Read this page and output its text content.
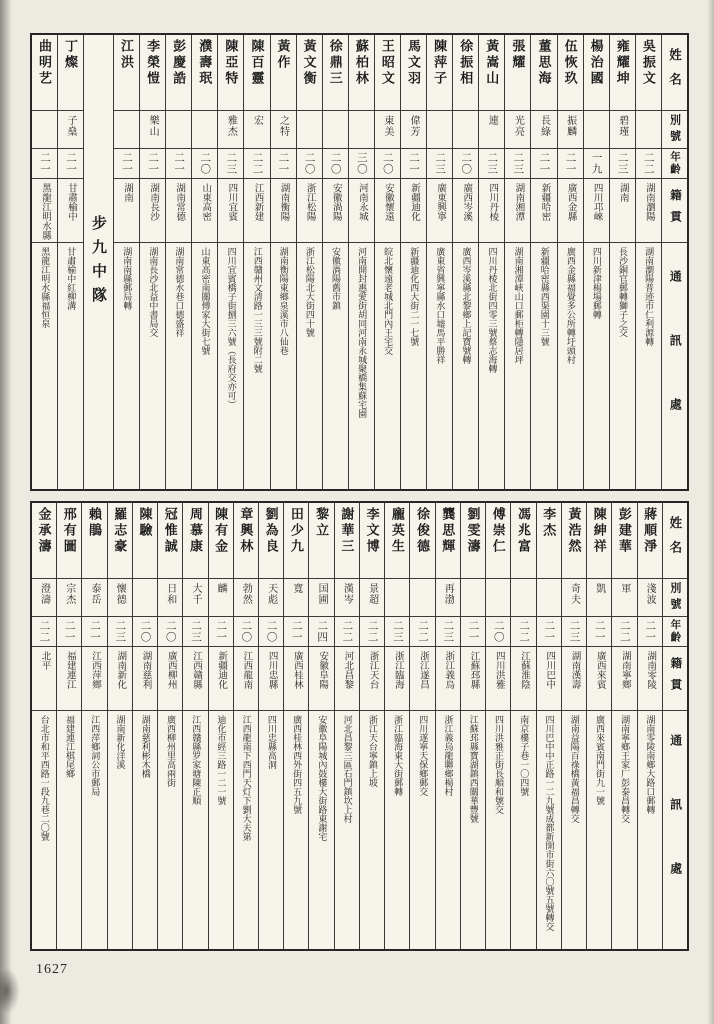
姓名
別號
年齡
籍貫
通訊處
吳振文
二二
湖南瀏陽
湖南瀏陽普迹市仁利源轉
雍耀坤
碧瑾
二三
湖南
長沙銅官郵轉獅子之交
楊治國
一九
四川邛崍
四川新津楊場郵轉
伍恢玖
振麟
二一
廣西金縣
廣西金縣福覺多公所轉圩頭村
董思海
長綠
二一
新疆哈密
新疆哈密縣西渠園十三號
張耀
光亮
二三
湖南湘潭
湖南湘潭峽山口郵柜轉隱居坪
黃嵩山
連
二三
四川丹棱
四川丹棱北街四零三號蔡志海轉
徐振相
二〇
廣西岑溪
廣西岑溪縣北黎鄉上記寶號轉
陳萍子
二三
廣東興寧
廣東省興寧縣水口墟馬平勝祥
馬文羽
偉芳
二一
新疆迪化
新疆迪化西大街二一七號
王昭文
東美
二〇
安徽懷遠
皖北懷遠老城北門內王宅交
蘇柏林
三〇
河南永城
河南開封惠愛街胡同河南永城聚橋集蘇宅園
徐鼎三
二〇
安徽渦陽
安徽渦陽舊市鎮
黃文衡
二〇
浙江松陽
浙江松陽北大街四十號
黃作
之特
二一
湖南衡陽
湖南衡陽東鄉泉溪市八仙巷
陳百靈
宏
二二
江西新建
江西贛州文清路一三三號附二號
陳亞特
雅杰
二三
四川宜賓
四川宜賓橋子街捌三六號（長府交亦可）
濮壽珉
二〇
山東高密
山東高密南關傅家大街七號
彭慶誥
二一
湖南常德
湖南常德水巷口德盛祥
李榮愷
樂山
二一
湖南長沙
湖南長沙北益中書局交
江洪
二一
湖南
湖南南縣郵局轉
步九中隊
丁燦
子燊
二一
甘肅榆中
甘肅榆中紅柳溝
曲明艺
二一
黑龍江明水縣
黑龍江明水縣福恒泉
姓名
別號
年齡
籍貫
通訊處
蔣順淨
淺波
二一
湖南零陵
湖南零陵南鄉大路口郵轉
彭建華
軍
二二
湖南寧鄉
湖南寧鄉王家厂彭泰昌轉交
陳紳祥
凱
二一
廣西來賓
廣西來賓南門街九一號
黃浩然
奇夫
二三
湖南漢壽
湖南益陽百祿橋黃福昌轉交
李杰
二一
四川巴中
四川巴中中正路一二九號成都新開市街六〇號五號轉交
馮兆富
二二
江蘇淮陰
南京樓子巷一〇四號
傅崇仁
二〇
四川洪雅
四川洪雅正街長順和號交
劉雯濤
二一
江蘇邳縣
江蘇邳縣寶湖鎮西關華豐號
龔思輝
再渤
二三
浙江義烏
浙江義烏龍聯鄉楊村
徐俊德
二二
浙江遂昌
四川遂寧天保鄉郵交
龐英生
二三
浙江臨海
浙江臨海東大街郵轉
李文博
景超
二二
浙江天台
浙江天台寧鎮上坡
謝華三
漢岑
二二
河北昌黎
河北昌黎三區石門鎮坎上村
黎立
国圃
二四
安徽阜陽
安徽阜陽城內鼓樓大街路東謝宅
田少九
寬
二一
廣西桂林
廣西桂林西外街四五九號
劉為良
天彪
二〇
四川忠縣
四川忠縣高洞
章興林
勃然
二〇
江西龍南
江西龍南下西門天灯下劉大夫第
陳有金
麟
二一
新疆迪化
迪化市經三路一二一號
周慕康
大千
二三
江西贛縣
江西贛縣罗家塘陳正順
冠惟誠
日和
二〇
廣西柳州
廣西柳州里高兩街
陳驗
二〇
湖南慈利
湖南慈利彬木橋
羅志豪
懷德
二三
湖南新化
湖南新化洋溪
賴鵑
泰岳
二一
江西萍鄉
江西萍鄉詞公市郵局
邢有圖
宗杰
二一
福建連江
福建連江棋尾鄉
金承濤
澄濤
二二
北平
台北市和平西路一段九巷二〇號
1627
